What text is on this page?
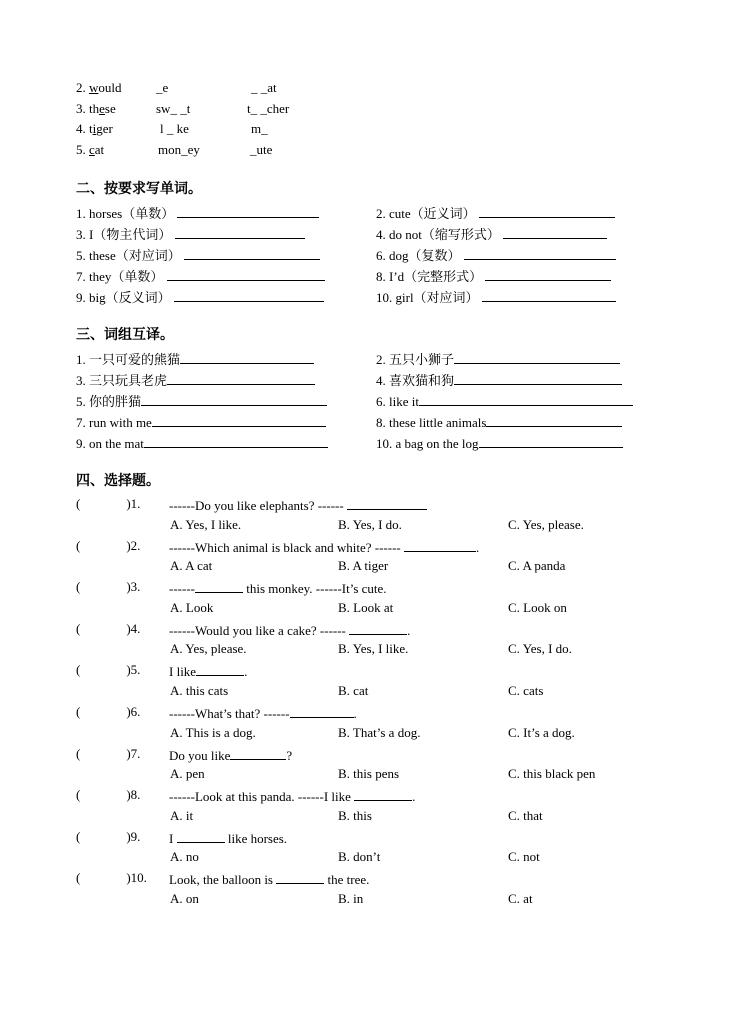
2. would	_e	_ _at
3. these	sw_ _t	t_ _cher
4. tiger	l _ ke	m_
5. cat	mon_ey	_ute
二、按要求写单词。
1. horses（单数）	2. cute（近义词）
3. I（物主代词）	4. do not（缩写形式）
5. these（对应词）	6. dog（复数）
7. they（单数）	8. I’d（完整形式）
9. big（反义词）	10. girl（对应词）
三、词组互译。
1. 一只可爱的熊猫	2. 五只小狮子
3. 三只玩具老虎	4. 喜欢猫和狗
5. 你的胖猫	6. like it
7. run with me	8. these little animals
9. on the mat	10. a bag on the log
四、选择题。
(	)1. ------Do you like elephants? ------
A. Yes, I like.	B. Yes, I do.	C. Yes, please.
(	)2. ------Which animal is black and white? ------	.
A. A cat	B. A tiger	C. A panda
(	)3. ------	this monkey. ------It’s cute.
A. Look	B. Look at	C. Look on
(	)4. ------Would you like a cake? ------	.
A. Yes, please.	B. Yes, I like.	C. Yes, I do.
(	)5. I like	.
A. this cats	B. cat	C. cats
(	)6. ------What’s that? ------	.
A. This is a dog.	B. That’s a dog.	C. It’s a dog.
(	)7. Do you like	?
A. pen	B. this pens	C. this black pen
(	)8. ------Look at this panda. ------I like	.
A. it	B. this	C. that
(	)9. I	like horses.
A. no	B. don’t	C. not
(	)10. Look, the balloon is	the tree.
A. on	B. in	C. at
